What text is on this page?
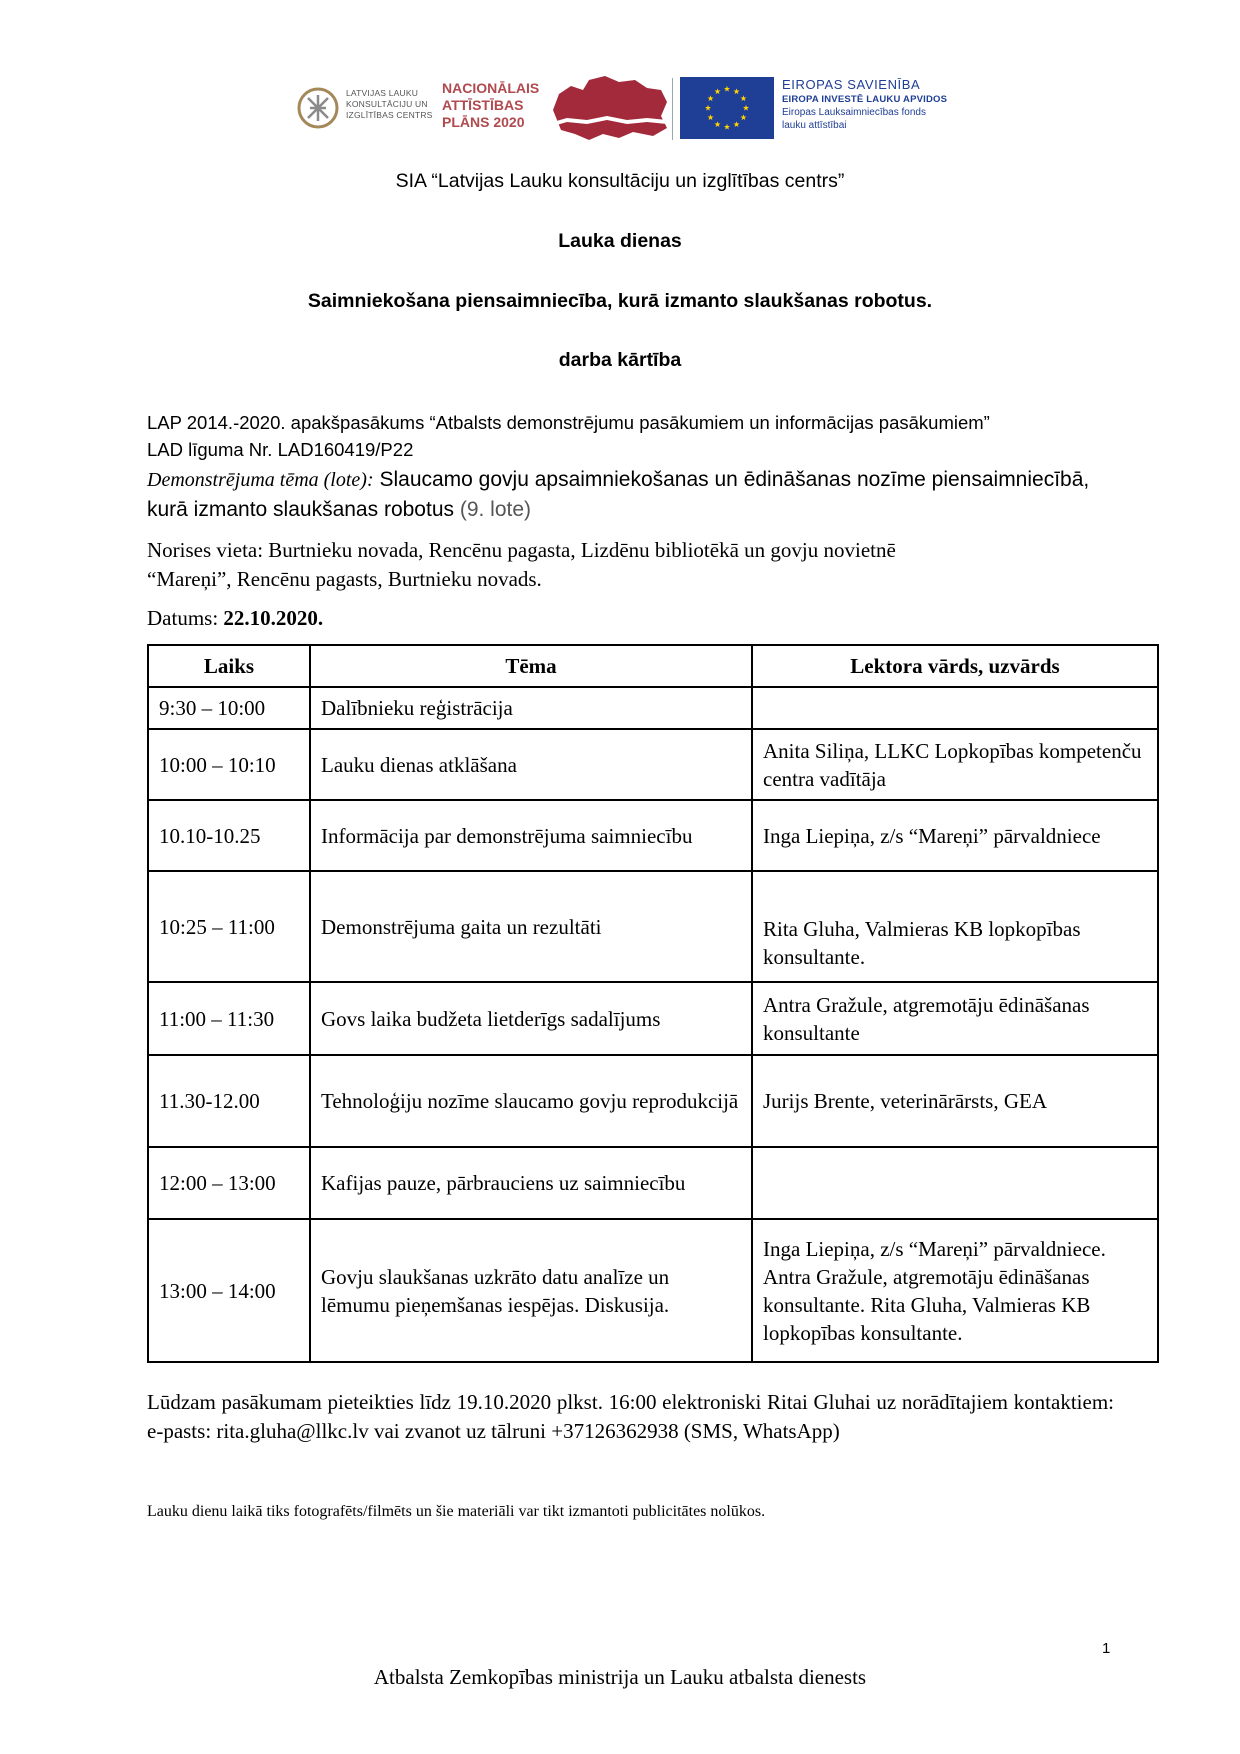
LATVIJAS LAUKU KONSULTĀCIJU UN IZGLĪTĪBAS CENTRS
NACIONĀLAIS
ATTĪSTĪBAS
PLĀNS 2020
EIROPAS SAVIENĪBA
EIROPA INVESTĒ LAUKU APVIDOS
Eiropas Lauksaimniecības fonds
lauku attīstībai
SIA “Latvijas Lauku konsultāciju un izglītības centrs”
Lauka dienas
Saimniekošana piensaimniecība, kurā izmanto slaukšanas robotus.
darba kārtība
LAP 2014.-2020. apakšpasākums “Atbalsts demonstrējumu pasākumiem un informācijas pasākumiem”
LAD līguma Nr. LAD160419/P22
Demonstrējuma tēma (lote): Slaucamo govju apsaimniekošanas un ēdināšanas nozīme piensaimniecībā, kurā izmanto slaukšanas robotus (9. lote)
Norises vieta: Burtnieku novada, Rencēnu pagasta, Lizdēnu bibliotēkā un govju novietnē
“Mareņi”, Rencēnu pagasts, Burtnieku novads.
Datums: 22.10.2020.
Laiks	Tēma	Lektora vārds, uzvārds
9:30 – 10:00	Dalībnieku reģistrācija	
10:00 – 10:10	Lauku dienas atklāšana	Anita Siliņa, LLKC Lopkopības kompetenču centra vadītāja
10.10-10.25	Informācija par demonstrējuma saimniecību	Inga Liepiņa, z/s “Mareņi” pārvaldniece
10:25 – 11:00	Demonstrējuma gaita un rezultāti	Rita Gluha, Valmieras KB lopkopības konsultante.
11:00 – 11:30	Govs laika budžeta lietderīgs sadalījums	Antra Gražule, atgremotāju ēdināšanas konsultante
11.30-12.00	Tehnoloģiju nozīme slaucamo govju reprodukcijā	Jurijs Brente, veterinārārsts, GEA
12:00 – 13:00	Kafijas pauze, pārbrauciens uz saimniecību	
13:00 – 14:00	Govju slaukšanas uzkrāto datu analīze un lēmumu pieņemšanas iespējas. Diskusija.	Inga Liepiņa, z/s “Mareņi” pārvaldniece. Antra Gražule, atgremotāju ēdināšanas konsultante. Rita Gluha, Valmieras KB lopkopības konsultante.
Lūdzam pasākumam pieteikties līdz 19.10.2020 plkst. 16:00 elektroniski Ritai Gluhai uz norādītajiem kontaktiem: e-pasts: rita.gluha@llkc.lv vai zvanot uz tālruni +37126362938 (SMS, WhatsApp)
Lauku dienu laikā tiks fotografēts/filmēts un šie materiāli var tikt izmantoti publicitātes nolūkos.
1
Atbalsta Zemkopības ministrija un Lauku atbalsta dienests
